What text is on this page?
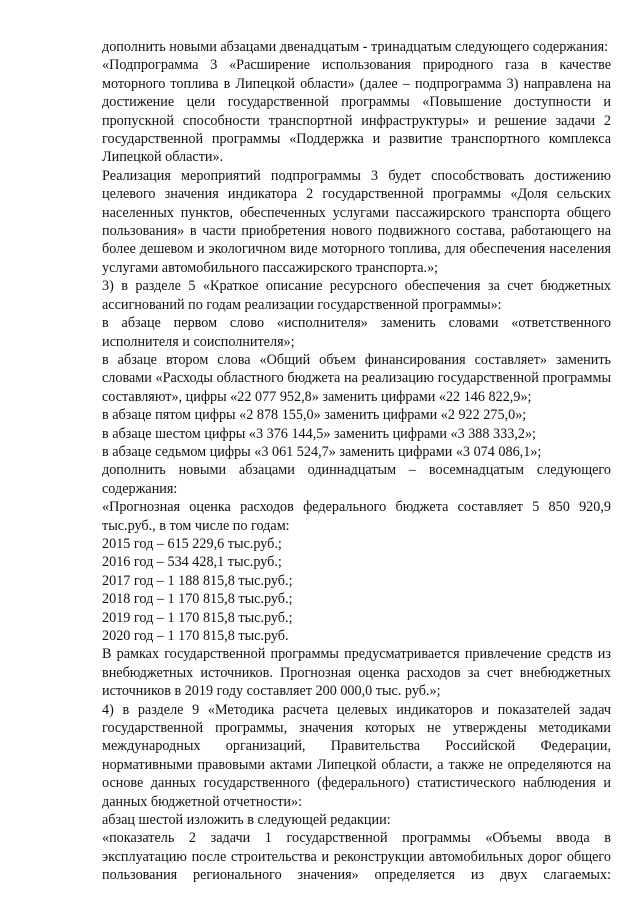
дополнить новыми абзацами двенадцатым - тринадцатым следующего содержания:

«Подпрограмма 3 «Расширение использования природного газа в качестве моторного топлива в Липецкой области» (далее – подпрограмма 3) направлена на достижение цели государственной программы «Повышение доступности и пропускной способности транспортной инфраструктуры» и решение задачи 2 государственной программы «Поддержка и развитие транспортного комплекса Липецкой области».

Реализация мероприятий подпрограммы 3 будет способствовать достижению целевого значения индикатора 2 государственной программы «Доля сельских населенных пунктов, обеспеченных услугами пассажирского транспорта общего пользования» в части приобретения нового подвижного состава, работающего на более дешевом и экологичном виде моторного топлива, для обеспечения населения услугами автомобильного пассажирского транспорта.»;

3) в разделе 5 «Краткое описание ресурсного обеспечения за счет бюджетных ассигнований по годам реализации государственной программы»:

в абзаце первом слово «исполнителя» заменить словами «ответственного исполнителя и соисполнителя»;

в абзаце втором слова «Общий объем финансирования составляет» заменить словами «Расходы областного бюджета на реализацию государственной программы составляют», цифры «22 077 952,8» заменить цифрами «22 146 822,9»;

в абзаце пятом цифры «2 878 155,0» заменить цифрами «2 922 275,0»;

в абзаце шестом цифры «3 376 144,5» заменить цифрами «3 388 333,2»;

в абзаце седьмом цифры «3 061 524,7» заменить цифрами «3 074 086,1»;

дополнить новыми абзацами одиннадцатым – восемнадцатым следующего содержания:

«Прогнозная оценка расходов федерального бюджета составляет 5 850 920,9 тыс.руб., в том числе по годам:

2015 год – 615 229,6 тыс.руб.;

2016 год – 534 428,1 тыс.руб.;

2017 год – 1 188 815,8 тыс.руб.;

2018 год – 1 170 815,8 тыс.руб.;

2019 год – 1 170 815,8 тыс.руб.;

2020 год – 1 170 815,8 тыс.руб.

В рамках государственной программы предусматривается привлечение средств из внебюджетных источников. Прогнозная оценка расходов за счет внебюджетных источников в 2019 году составляет 200 000,0 тыс. руб.»;

4) в разделе 9 «Методика расчета целевых индикаторов и показателей задач государственной программы, значения которых не утверждены методиками международных организаций, Правительства Российской Федерации, нормативными правовыми актами Липецкой области, а также не определяются на основе данных государственного (федерального) статистического наблюдения и данных бюджетной отчетности»:

абзац шестой изложить в следующей редакции:

«показатель 2 задачи 1 государственной программы «Объемы ввода в эксплуатацию после строительства и реконструкции автомобильных дорог общего пользования регионального значения» определяется из двух слагаемых:
